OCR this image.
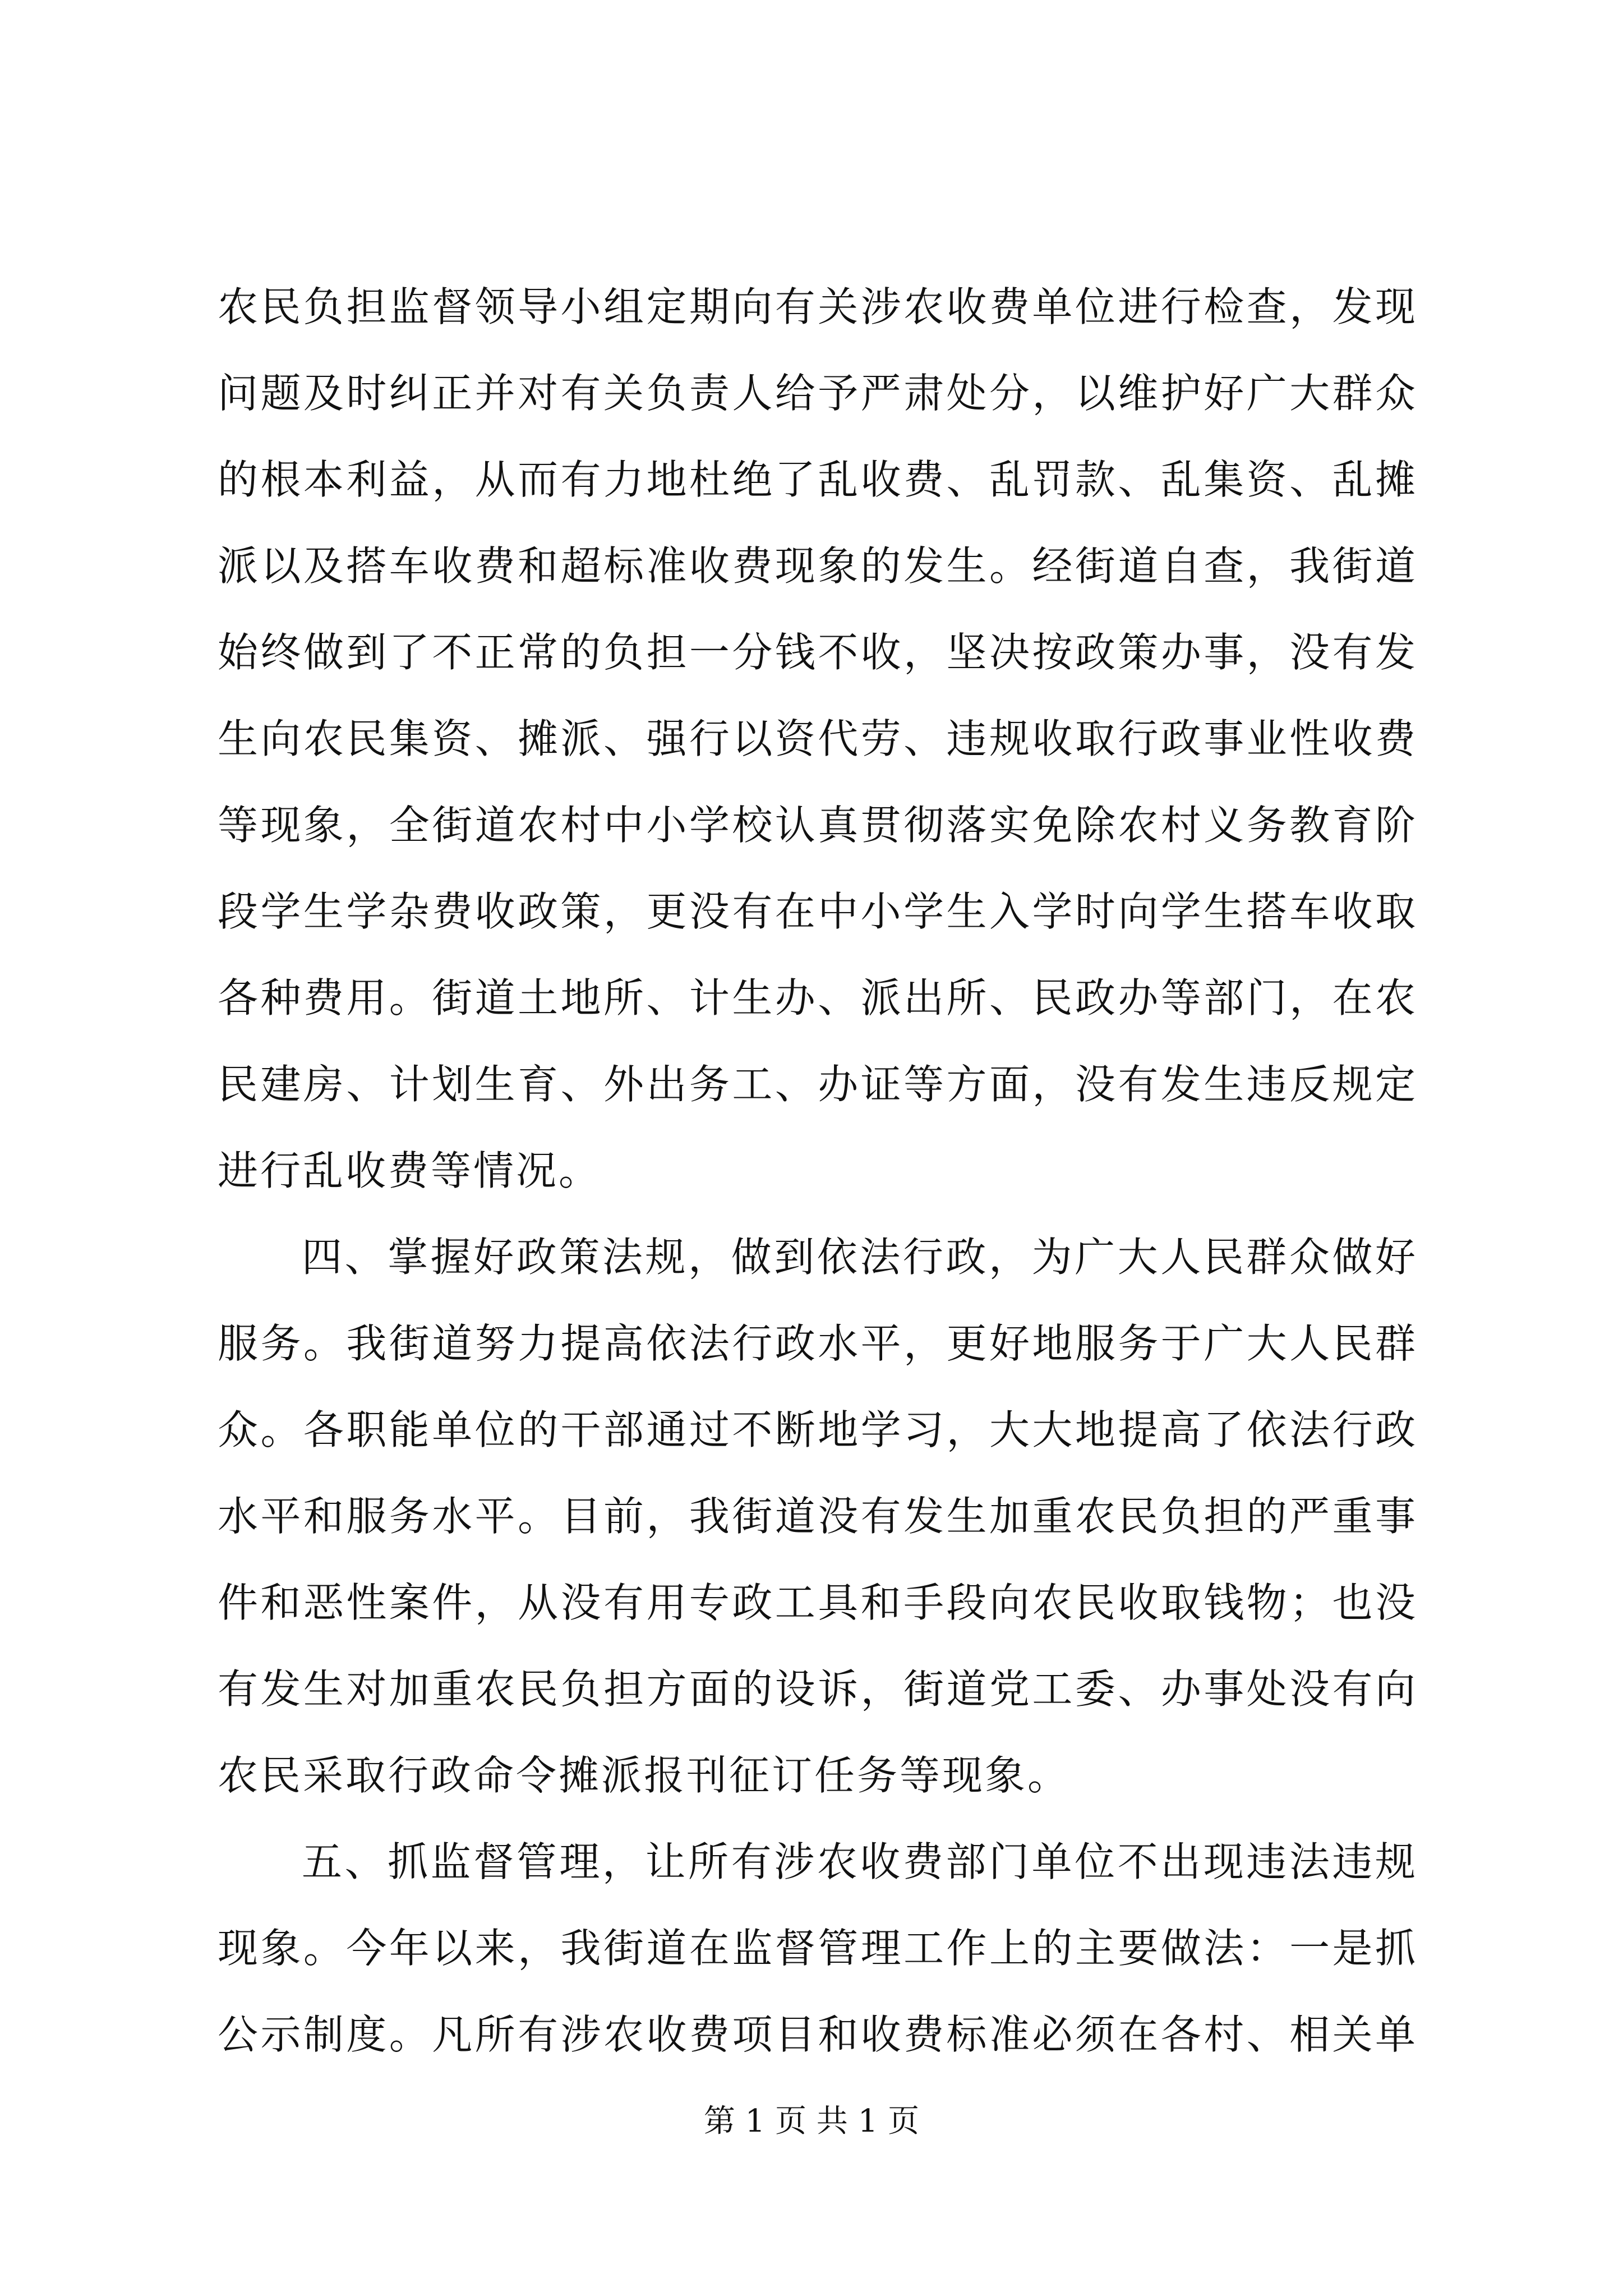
农民负担监督领导小组定期向有关涉农收费单位进行检查，发现
问题及时纠正并对有关负责人给予严肃处分，以维护好广大群众
的根本利益，从而有力地杜绝了乱收费、乱罚款、乱集资、乱摊
派以及搭车收费和超标准收费现象的发生。经街道自查，我街道
始终做到了不正常的负担一分钱不收，坚决按政策办事，没有发
生向农民集资、摊派、强行以资代劳、违规收取行政事业性收费
等现象，全街道农村中小学校认真贯彻落实免除农村义务教育阶
段学生学杂费收政策，更没有在中小学生入学时向学生搭车收取
各种费用。街道土地所、计生办、派出所、民政办等部门，在农
民建房、计划生育、外出务工、办证等方面，没有发生违反规定
进行乱收费等情况。
四、掌握好政策法规，做到依法行政，为广大人民群众做好
服务。我街道努力提高依法行政水平，更好地服务于广大人民群
众。各职能单位的干部通过不断地学习，大大地提高了依法行政
水平和服务水平。目前，我街道没有发生加重农民负担的严重事
件和恶性案件，从没有用专政工具和手段向农民收取钱物；也没
有发生对加重农民负担方面的设诉，街道党工委、办事处没有向
农民采取行政命令摊派报刊征订任务等现象。
五、抓监督管理，让所有涉农收费部门单位不出现违法违规
现象。今年以来，我街道在监督管理工作上的主要做法：一是抓
公示制度。凡所有涉农收费项目和收费标准必须在各村、相关单
第 1 页 共 1 页
